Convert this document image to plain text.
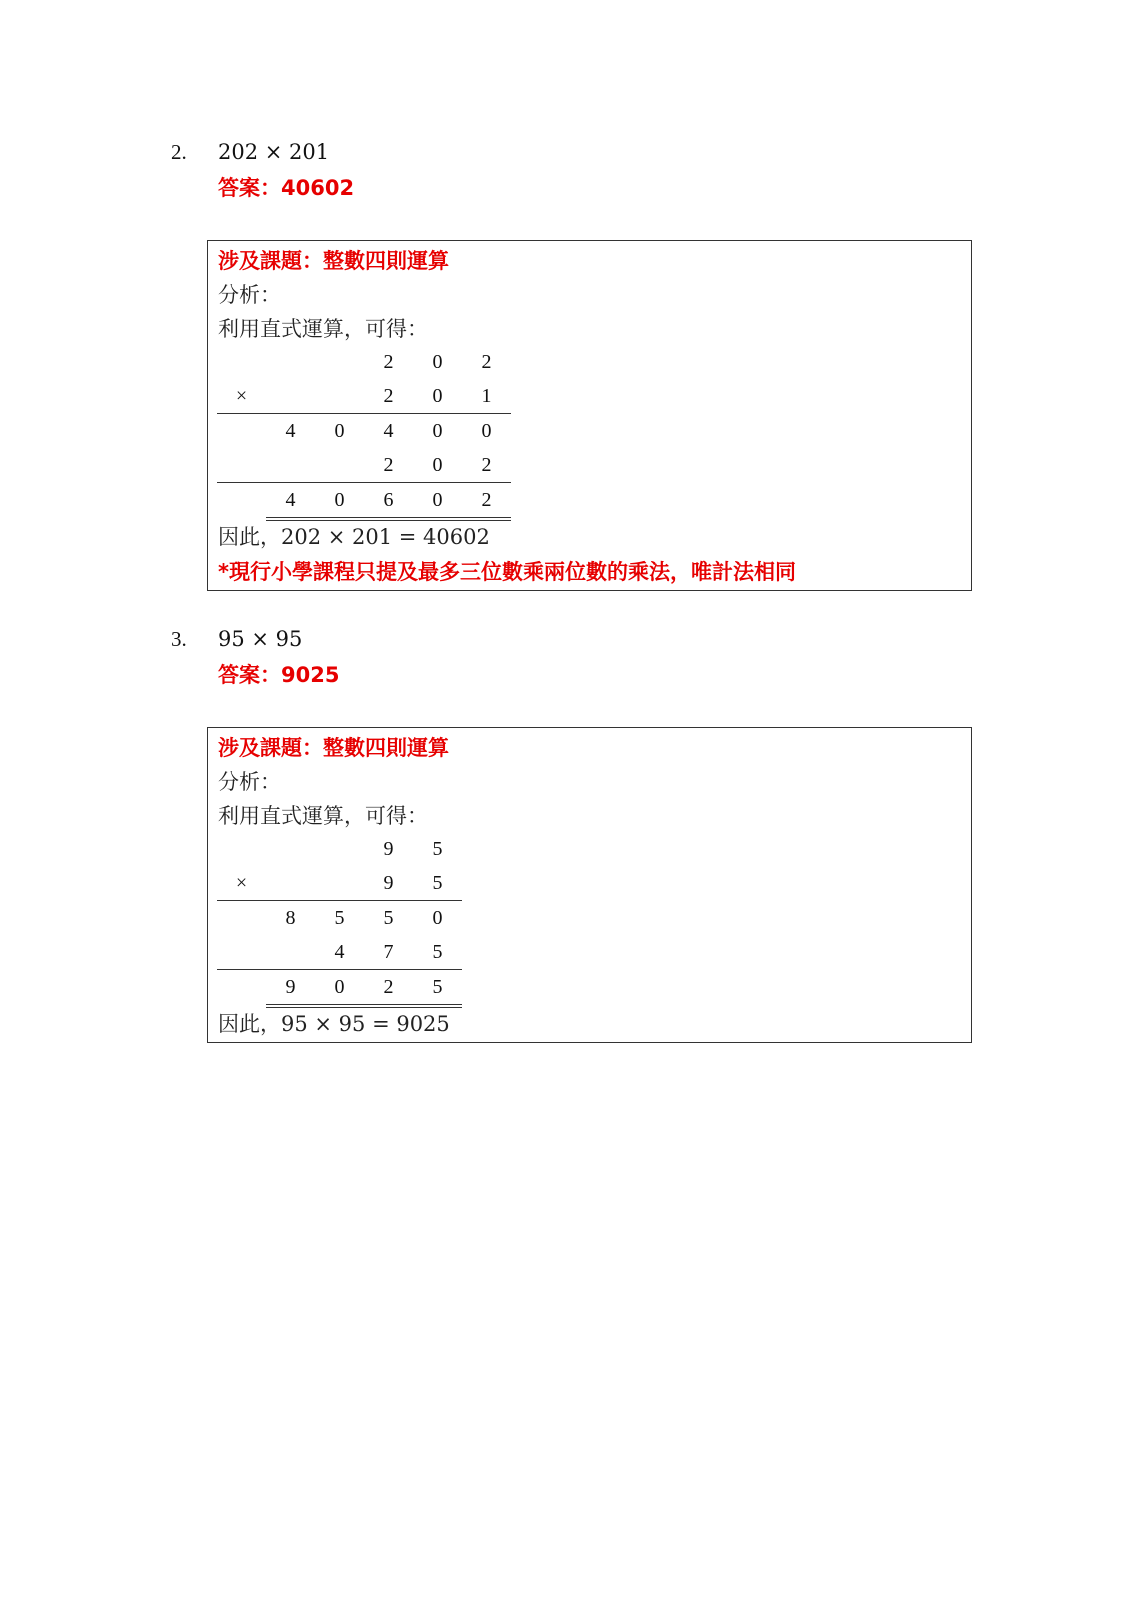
2. 202 × 201
答案：40602
涉及課題：整數四則運算
分析：
利用直式運算，可得：
			2	0	2
×			2	0	1
	4	0	4	0	0
			2	0	2
	4	0	6	0	2
因此，202 × 201 = 40602
*現行小學課程只提及最多三位數乘兩位數的乘法，唯計法相同
3. 95 × 95
答案：9025
涉及課題：整數四則運算
分析：
利用直式運算，可得：
			9	5
×			9	5
	8	5	5	0
		4	7	5
	9	0	2	5
因此，95 × 95 = 9025
